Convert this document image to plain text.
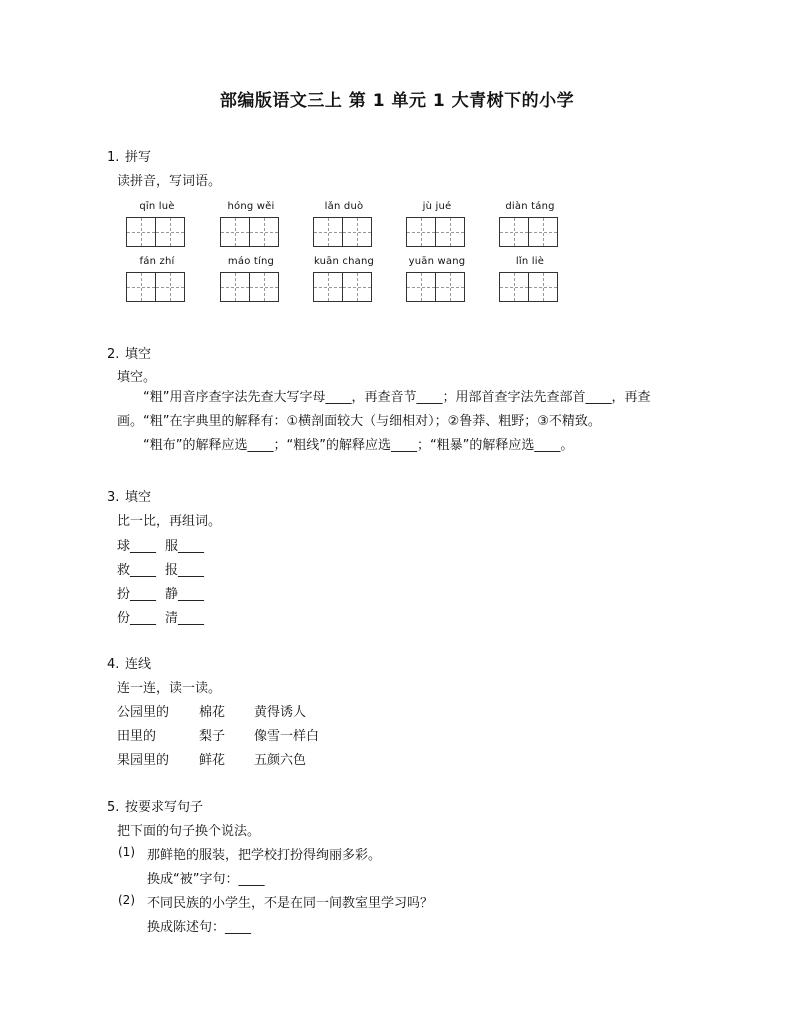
部编版语文三上 第 1 单元 1 大青树下的小学
1. 拼写
读拼音，写词语。
qīn luè	hóng wěi	lǎn duò	jù jué	diàn táng
fán zhí	máo tíng	kuān chang	yuān wang	lǐn liè
2. 填空
填空。

“粗”用音序查字法先查大写字母____，再查音节____；用部首查字法先查部首____，再查

画。“粗”在字典里的解释有：①横剖面较大（与细相对）；②鲁莽、粗野；③不精致。

“粗布”的解释应选____；“粗线”的解释应选____；“粗暴”的解释应选____。

3. 填空
比一比，再组词。
球____ 服____
救____ 报____
扮____ 静____
份____ 清____
4. 连线
连一连，读一读。
公园里的 棉花 黄得诱人
田里的	梨子 像雪一样白
果园里的 鲜花 五颜六色
5. 按要求写句子
把下面的句子换个说法。
(1) 那鲜艳的服装，把学校打扮得绚丽多彩。
换成“被”字句：____
(2) 不同民族的小学生，不是在同一间教室里学习吗？
换成陈述句：____
